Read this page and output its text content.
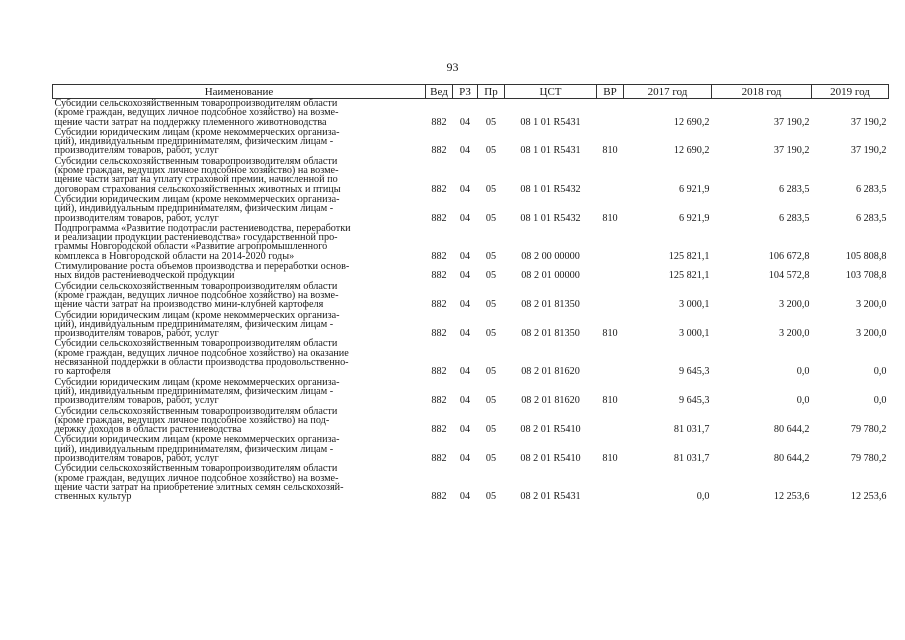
93
Наименование	Вед	РЗ	Пр	ЦСТ	ВР	2017 год	2018 год	2019 год

Субсидии сельскохозяйственным товаропроизводителям области
(кроме граждан, ведущих личное подсобное хозяйство) на возме-
щение части затрат на поддержку племенного животноводства	882	04	05	08 1 01 R5431		12 690,2	37 190,2	37 190,2

Субсидии юридическим лицам (кроме некоммерческих организа-
ций), индивидуальным предпринимателям, физическим лицам -
производителям товаров, работ, услуг	882	04	05	08 1 01 R5431	810	12 690,2	37 190,2	37 190,2

Субсидии сельскохозяйственным товаропроизводителям области
(кроме граждан, ведущих личное подсобное хозяйство) на возме-
щение части затрат на уплату страховой премии, начисленной по
договорам страхования сельскохозяйственных животных и птицы	882	04	05	08 1 01 R5432		6 921,9	6 283,5	6 283,5

Субсидии юридическим лицам (кроме некоммерческих организа-
ций), индивидуальным предпринимателям, физическим лицам -
производителям товаров, работ, услуг	882	04	05	08 1 01 R5432	810	6 921,9	6 283,5	6 283,5

Подпрограмма «Развитие подотрасли растениеводства, переработки
и реализации продукции растениеводства» государственной про-
граммы Новгородской области «Развитие агропромышленного
комплекса в Новгородской области на 2014-2020 годы»	882	04	05	08 2 00 00000		125 821,1	106 672,8	105 808,8

Стимулирование роста объемов производства и переработки основ-
ных видов растениеводческой продукции	882	04	05	08 2 01 00000		125 821,1	104 572,8	103 708,8

Субсидии сельскохозяйственным товаропроизводителям области
(кроме граждан, ведущих личное подсобное хозяйство) на возме-
щение части затрат на производство мини-клубней картофеля	882	04	05	08 2 01 81350		3 000,1	3 200,0	3 200,0

Субсидии юридическим лицам (кроме некоммерческих организа-
ций), индивидуальным предпринимателям, физическим лицам -
производителям товаров, работ, услуг	882	04	05	08 2 01 81350	810	3 000,1	3 200,0	3 200,0

Субсидии сельскохозяйственным товаропроизводителям области
(кроме граждан, ведущих личное подсобное хозяйство) на оказание
несвязанной поддержки в области производства продовольственно-
го картофеля	882	04	05	08 2 01 81620		9 645,3	0,0	0,0

Субсидии юридическим лицам (кроме некоммерческих организа-
ций), индивидуальным предпринимателям, физическим лицам -
производителям товаров, работ, услуг	882	04	05	08 2 01 81620	810	9 645,3	0,0	0,0

Субсидии сельскохозяйственным товаропроизводителям области
(кроме граждан, ведущих личное подсобное хозяйство) на под-
держку доходов в области растениеводства	882	04	05	08 2 01 R5410		81 031,7	80 644,2	79 780,2

Субсидии юридическим лицам (кроме некоммерческих организа-
ций), индивидуальным предпринимателям, физическим лицам -
производителям товаров, работ, услуг	882	04	05	08 2 01 R5410	810	81 031,7	80 644,2	79 780,2

Субсидии сельскохозяйственным товаропроизводителям области
(кроме граждан, ведущих личное подсобное хозяйство) на возме-
щение части затрат на приобретение элитных семян сельскохозяй-
ственных культур	882	04	05	08 2 01 R5431		0,0	12 253,6	12 253,6
